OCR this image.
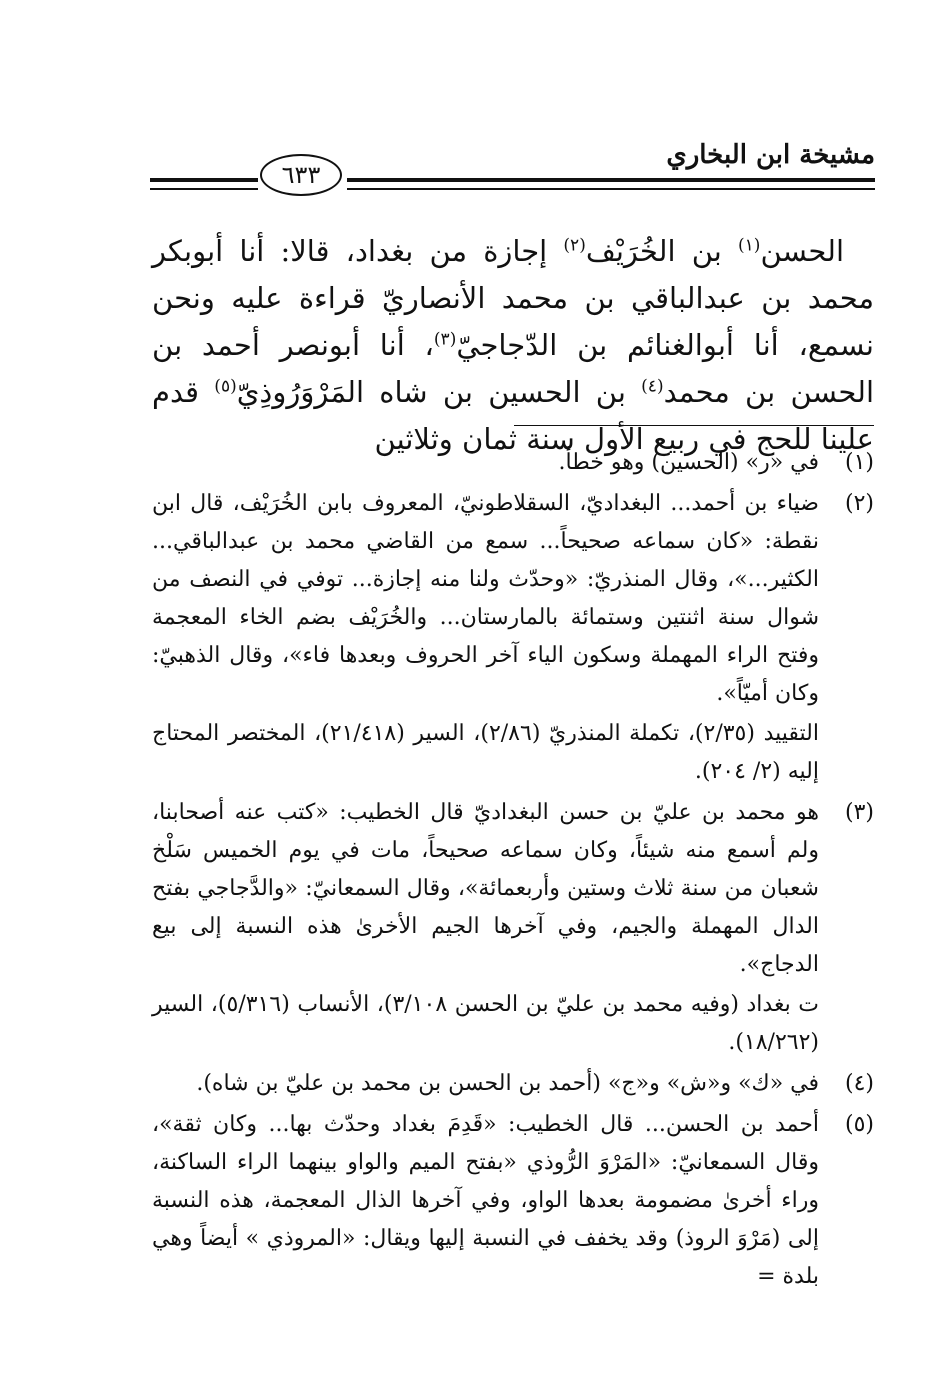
مشيخة ابن البخاري
٦٣٣

الحسن$^{(١)}$ بن الخُرَيْف$^{(٢)}$ إجازة من بغداد، قالا: أنا أبوبكر محمد بن عبدالباقي بن محمد الأنصاريّ قراءة عليه ونحن نسمع، أنا أبوالغنائم بن الدّجاجيّ$^{(٣)}$، أنا أبونصر أحمد بن الحسن بن محمد$^{(٤)}$ بن الحسين بن شاه المَرْوَرُوذِيّ$^{(٥)}$ قدم علينا للحج في ربيع الأول سنة ثمان وثلاثين

(١)

في «ر» (الحسين) وهو خطأ.

(٢)

ضياء بن أحمد... البغداديّ، السقلاطونيّ، المعروف بابن الخُرَيْف، قال ابن نقطة: «كان سماعه صحيحاً... سمع من القاضي محمد بن عبدالباقي... الكثير...»، وقال المنذريّ: «وحدّث ولنا منه إجازة... توفي في النصف من شوال سنة اثنتين وستمائة بالمارستان... والخُرَيْف بضم الخاء المعجمة وفتح الراء المهملة وسكون الياء آخر الحروف وبعدها فاء»، وقال الذهبيّ: وكان أميّاً».

التقييد (٢/٣٥)، تكملة المنذريّ (٢/٨٦)، السير (٢١/٤١٨)، المختصر المحتاج إليه (٢/ ٢٠٤).

(٣)

هو محمد بن عليّ بن حسن البغداديّ قال الخطيب: «كتب عنه أصحابنا، ولم أسمع منه شيئاً، وكان سماعه صحيحاً، مات في يوم الخميس سَلْخ شعبان من سنة ثلاث وستين وأربعمائة»، وقال السمعانيّ: «والدَّجاجي بفتح الدال المهملة والجيم، وفي آخرها الجيم الأخرىٰ هذه النسبة إلى بيع الدجاج».

ت بغداد (وفيه محمد بن عليّ بن الحسن ٣/١٠٨)، الأنساب (٥/٣١٦)، السير (١٨/٢٦٢).

(٤)

في «ك» و«ش» و«ج» (أحمد بن الحسن بن محمد بن عليّ بن شاه).

(٥)

أحمد بن الحسن... قال الخطيب: «قَدِمَ بغداد وحدّث بها... وكان ثقة»، وقال السمعانيّ: «المَرْوَ الرُّوذي «بفتح الميم والواو بينهما الراء الساكنة، وراء أخرىٰ مضمومة بعدها الواو، وفي آخرها الذال المعجمة، هذه النسبة إلى (مَرْوَ الروذ) وقد يخفف في النسبة إليها ويقال: «المروذي » أيضاً وهي بلدة =
